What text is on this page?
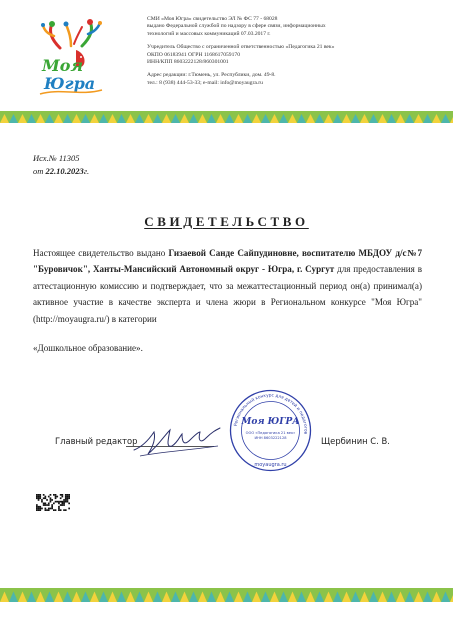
Моя
Югра
СМИ «Моя Югра» свидетельство ЭЛ № ФС 77 - 68028
выдано Федеральной службой по надзору в сфере связи, информационных
технологий и массовых коммуникаций 07.03.2017 г.
Учредитель Общество с ограниченной ответственностью «Педагогика 21 век»
ОКПО 06183941 ОГРН 1168617059170
ИНН/КПП 8603222128/860301001
Адрес редакции: г.Тюмень, ул. Республики, дом. 49-8.
тел.: 8 (938) 444-53-33; e-mail: info@moyaugra.ru
Исх.№ 11305
от 22.10.2023г.
СВИДЕТЕЛЬСТВО
Настоящее свидетельство выдано Гизаевой Санде Сайпудиновне, воспитателю МБДОУ д/с№7 "Буровичок", Ханты-Мансийский Автономный округ - Югра, г. Сургут для предоставления в аттестационную комиссию и подтверждает, что за межаттестационный период он(а) принимал(а) активное участие в качестве эксперта и члена жюри в Региональном конкурсе "Моя Югра" (http://moyaugra.ru/) в категории
«Дошкольное образование».
Главный редактор	Щербинин С. В.
Региональный конкурс для детей и педагогов
Моя ЮГРА
ООО «Педагогика 21 век»
ИНН 8603222128
moyaugra.ru
